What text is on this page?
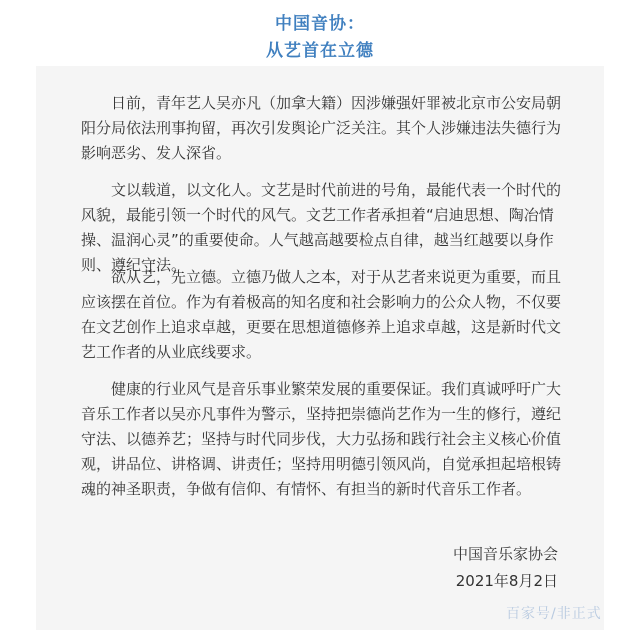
中国音协：
从艺首在立德

日前，青年艺人吴亦凡（加拿大籍）因涉嫌强奸罪被北京市公安局朝阳分局依法刑事拘留，再次引发舆论广泛关注。其个人涉嫌违法失德行为影响恶劣、发人深省。

文以载道，以文化人。文艺是时代前进的号角，最能代表一个时代的风貌，最能引领一个时代的风气。文艺工作者承担着“启迪思想、陶冶情操、温润心灵”的重要使命。人气越高越要检点自律，越当红越要以身作则、遵纪守法。

欲从艺，先立德。立德乃做人之本，对于从艺者来说更为重要，而且应该摆在首位。作为有着极高的知名度和社会影响力的公众人物，不仅要在文艺创作上追求卓越，更要在思想道德修养上追求卓越，这是新时代文艺工作者的从业底线要求。

健康的行业风气是音乐事业繁荣发展的重要保证。我们真诚呼吁广大音乐工作者以吴亦凡事件为警示，坚持把崇德尚艺作为一生的修行，遵纪守法、以德养艺；坚持与时代同步伐，大力弘扬和践行社会主义核心价值观，讲品位、讲格调、讲责任；坚持用明德引领风尚，自觉承担起培根铸魂的神圣职责，争做有信仰、有情怀、有担当的新时代音乐工作者。

中国音乐家协会

2021年8月2日

百家号/非正式
